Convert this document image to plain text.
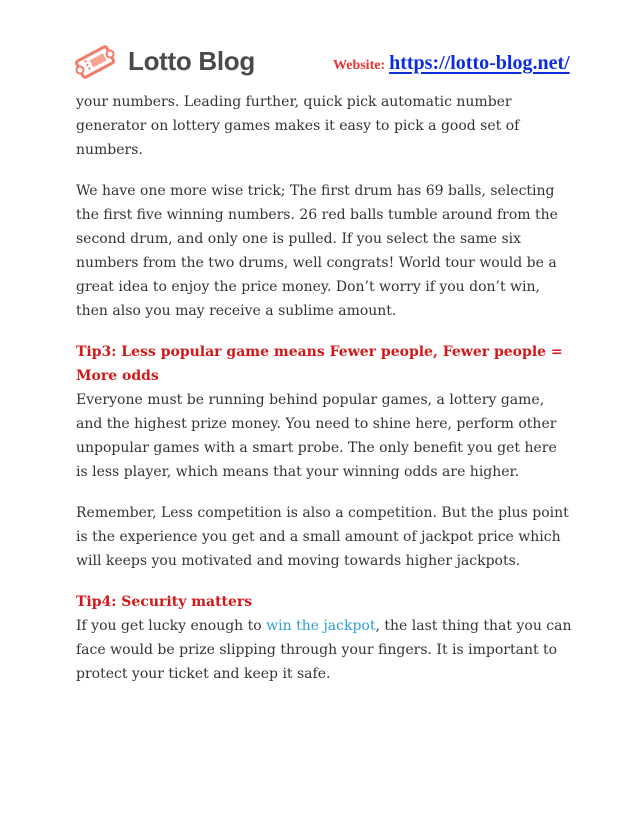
Lotto Blog	Website: https://lotto-blog.net/

your numbers. Leading further, quick pick automatic number generator on lottery games makes it easy to pick a good set of numbers.

We have one more wise trick; The first drum has 69 balls, selecting the first five winning numbers. 26 red balls tumble around from the second drum, and only one is pulled. If you select the same six numbers from the two drums, well congrats! World tour would be a great idea to enjoy the price money. Don’t worry if you don’t win, then also you may receive a sublime amount.

Tip3: Less popular game means Fewer people, Fewer people = More odds

Everyone must be running behind popular games, a lottery game, and the highest prize money. You need to shine here, perform other unpopular games with a smart probe. The only benefit you get here is less player, which means that your winning odds are higher.

Remember, Less competition is also a competition. But the plus point is the experience you get and a small amount of jackpot price which will keeps you motivated and moving towards higher jackpots.

Tip4: Security matters

If you get lucky enough to win the jackpot, the last thing that you can face would be prize slipping through your fingers. It is important to protect your ticket and keep it safe.
